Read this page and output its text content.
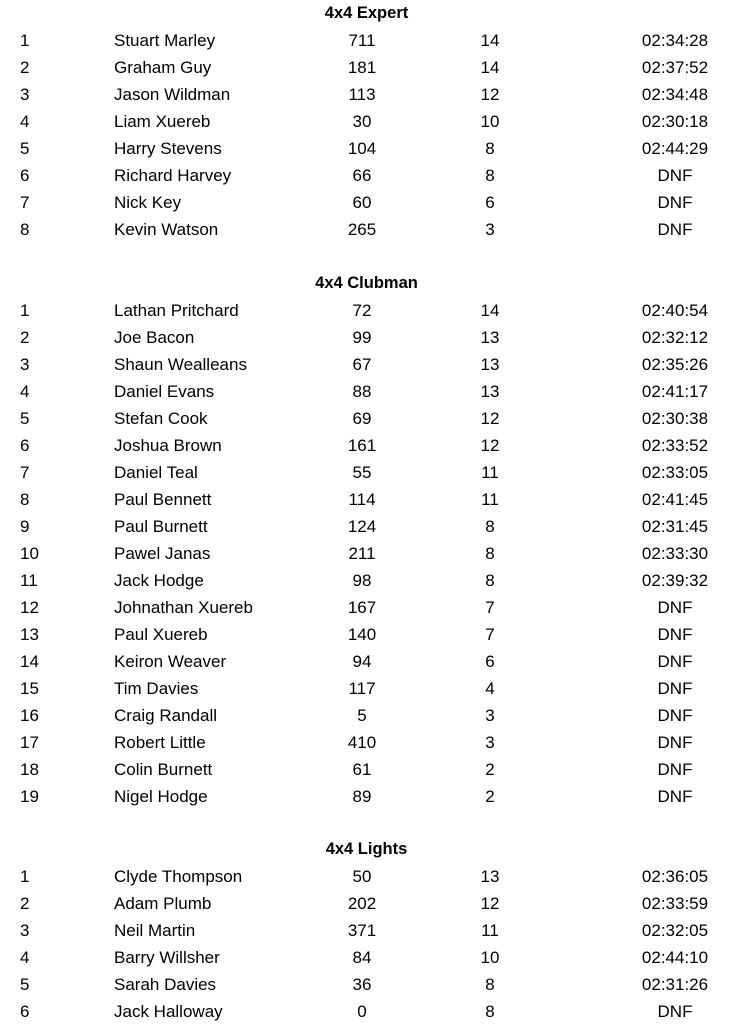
4x4 Expert
1	Stuart Marley	711	14	02:34:28
2	Graham Guy	181	14	02:37:52
3	Jason Wildman	113	12	02:34:48
4	Liam Xuereb	30	10	02:30:18
5	Harry Stevens	104	8	02:44:29
6	Richard Harvey	66	8	DNF
7	Nick Key	60	6	DNF
8	Kevin Watson	265	3	DNF
4x4 Clubman
1	Lathan Pritchard	72	14	02:40:54
2	Joe Bacon	99	13	02:32:12
3	Shaun Wealleans	67	13	02:35:26
4	Daniel Evans	88	13	02:41:17
5	Stefan Cook	69	12	02:30:38
6	Joshua Brown	161	12	02:33:52
7	Daniel Teal	55	11	02:33:05
8	Paul Bennett	114	11	02:41:45
9	Paul Burnett	124	8	02:31:45
10	Pawel Janas	211	8	02:33:30
11	Jack Hodge	98	8	02:39:32
12	Johnathan Xuereb	167	7	DNF
13	Paul Xuereb	140	7	DNF
14	Keiron Weaver	94	6	DNF
15	Tim Davies	117	4	DNF
16	Craig Randall	5	3	DNF
17	Robert Little	410	3	DNF
18	Colin Burnett	61	2	DNF
19	Nigel Hodge	89	2	DNF
4x4 Lights
1	Clyde Thompson	50	13	02:36:05
2	Adam Plumb	202	12	02:33:59
3	Neil Martin	371	11	02:32:05
4	Barry Willsher	84	10	02:44:10
5	Sarah Davies	36	8	02:31:26
6	Jack Halloway	0	8	DNF
